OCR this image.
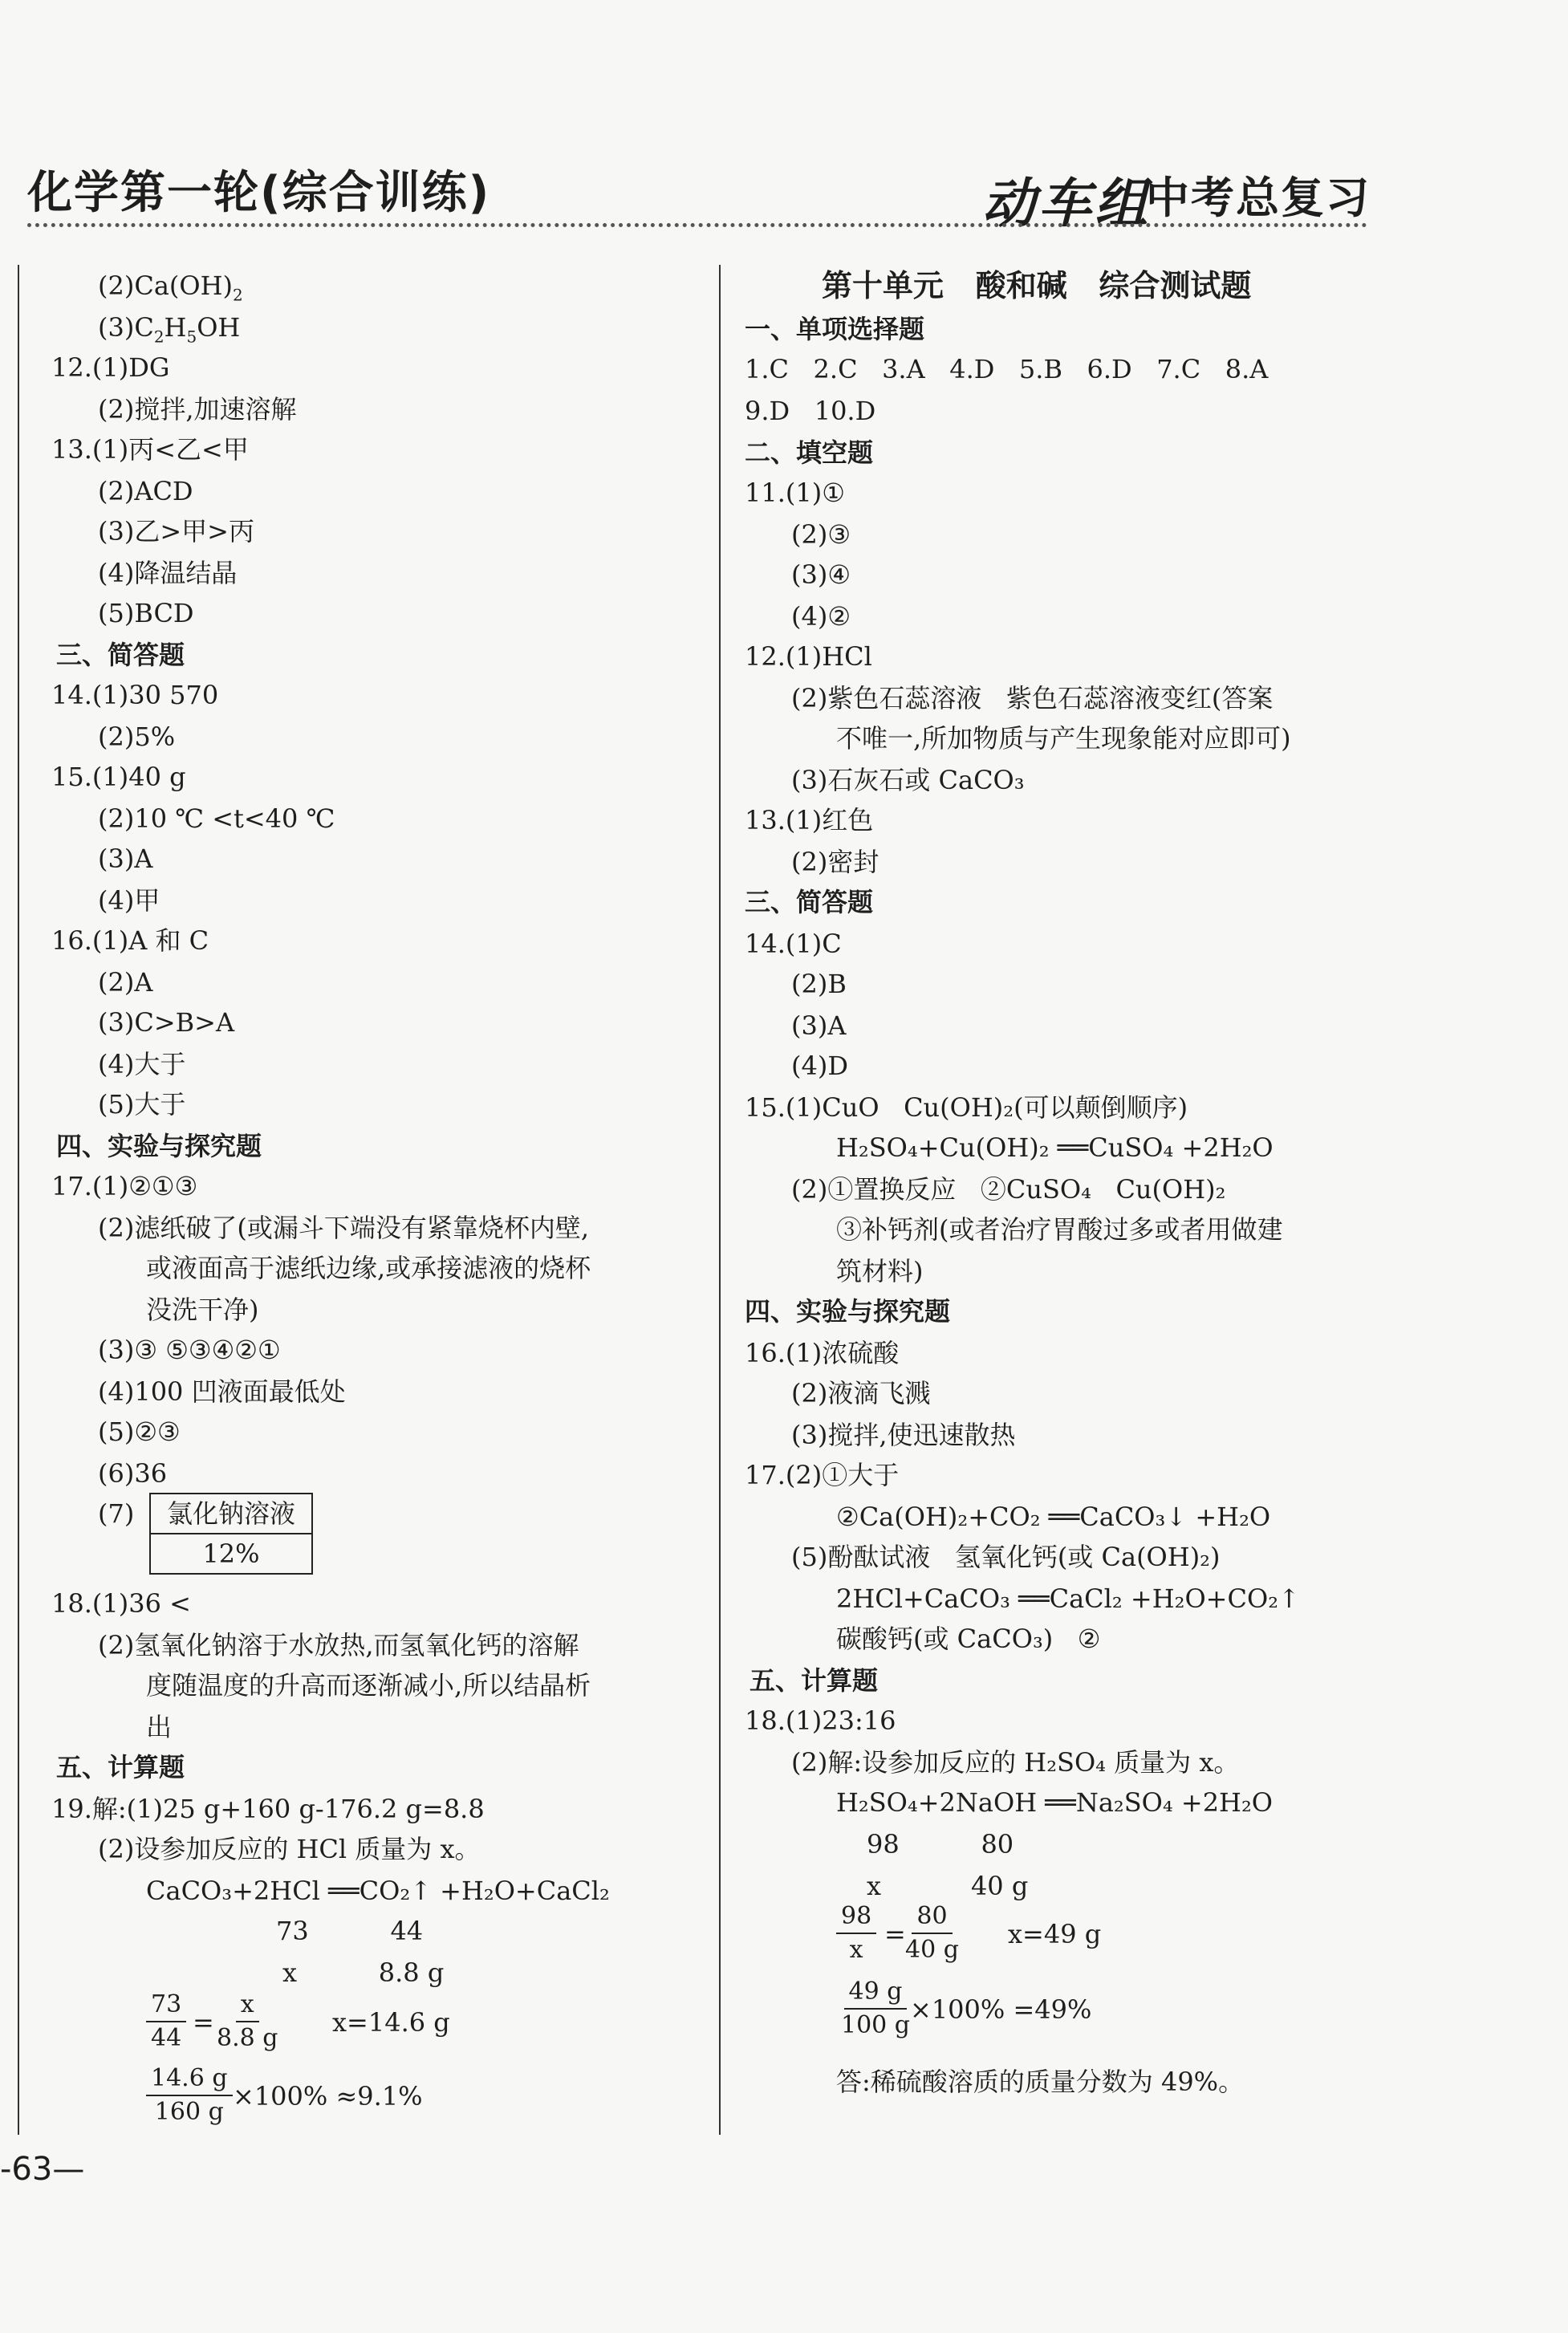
化学第一轮(综合训练)	动车组
中考总复习
$(2)Ca(OH)_2$
$(3)C_2H_5OH$
12.(1)DG
(2)搅拌,加速溶解
13.(1)丙<乙<甲
(2)ACD
(3)乙>甲>丙
(4)降温结晶
(5)BCD
三、简答题
14.(1)30 570
(2)5%
15.(1)40 g
(2)10 ℃ <t<40 ℃
(3)A
(4)甲
16.(1)A 和 C
(2)A
(3)C>B>A
(4)大于
(5)大于
四、实验与探究题
17.(1)②①③
(2)滤纸破了(或漏斗下端没有紧靠烧杯内壁,
或液面高于滤纸边缘,或承接滤液的烧杯
没洗干净)
(3)③ ⑤③④②①
(4)100 凹液面最低处
(5)②③
(6)36
(7)	氯化钠溶液
12%
18.(1)36 <
(2)氢氧化钠溶于水放热,而氢氧化钙的溶解
度随温度的升高而逐渐减小,所以结晶析
出
五、计算题
19.解:(1)25 g+160 g-176.2 g=8.8
(2)设参加反应的 HCl 质量为 x。
CaCO₃+2HCl ══CO₂↑ +H₂O+CaCl₂
73          44
x          8.8 g
$\frac{73}{44}$ =
$\frac{x}{8.8 g} x=14.6$ g
$\frac{14.6 g}{160 g} \times 100\% \approx 9.1\%$
第十单元   酸和碱   综合测试题
一、单项选择题
1.C   2.C   3.A   4.D   5.B   6.D   7.C   8.A
9.D   10.D
二、填空题
11.(1)①
(2)③
(3)④
(4)②
12.(1)HCl
(2)紫色石蕊溶液   紫色石蕊溶液变红(答案
不唯一,所加物质与产生现象能对应即可)
(3)石灰石或 CaCO₃
13.(1)红色
(2)密封
三、简答题
14.(1)C
(2)B
(3)A
(4)D
15.(1)CuO   Cu(OH)₂(可以颠倒顺序)
H₂SO₄+Cu(OH)₂ ══CuSO₄ +2H₂O
(2)①置换反应   ②CuSO₄   Cu(OH)₂
③补钙剂(或者治疗胃酸过多或者用做建
筑材料)
四、实验与探究题
16.(1)浓硫酸
(2)液滴飞溅
(3)搅拌,使迅速散热
17.(2)①大于
②Ca(OH)₂+CO₂ ══CaCO₃↓ +H₂O
(5)酚酞试液   氢氧化钙(或 Ca(OH)₂)
2HCl+CaCO₃ ══CaCl₂ +H₂O+CO₂↑
碳酸钙(或 CaCO₃)   ②
五、计算题
18.(1)23:16
(2)解:设参加反应的 H₂SO₄ 质量为 x。
H₂SO₄+2NaOH ══Na₂SO₄ +2H₂O
98          80
x           40 g
$\frac{98}{x}$ =
$\frac{80}{40 g} x=49$ g
$\frac{49 g}{100 g}$
×100% =49%
答:稀硫酸溶质的质量分数为 49%。
-63—
